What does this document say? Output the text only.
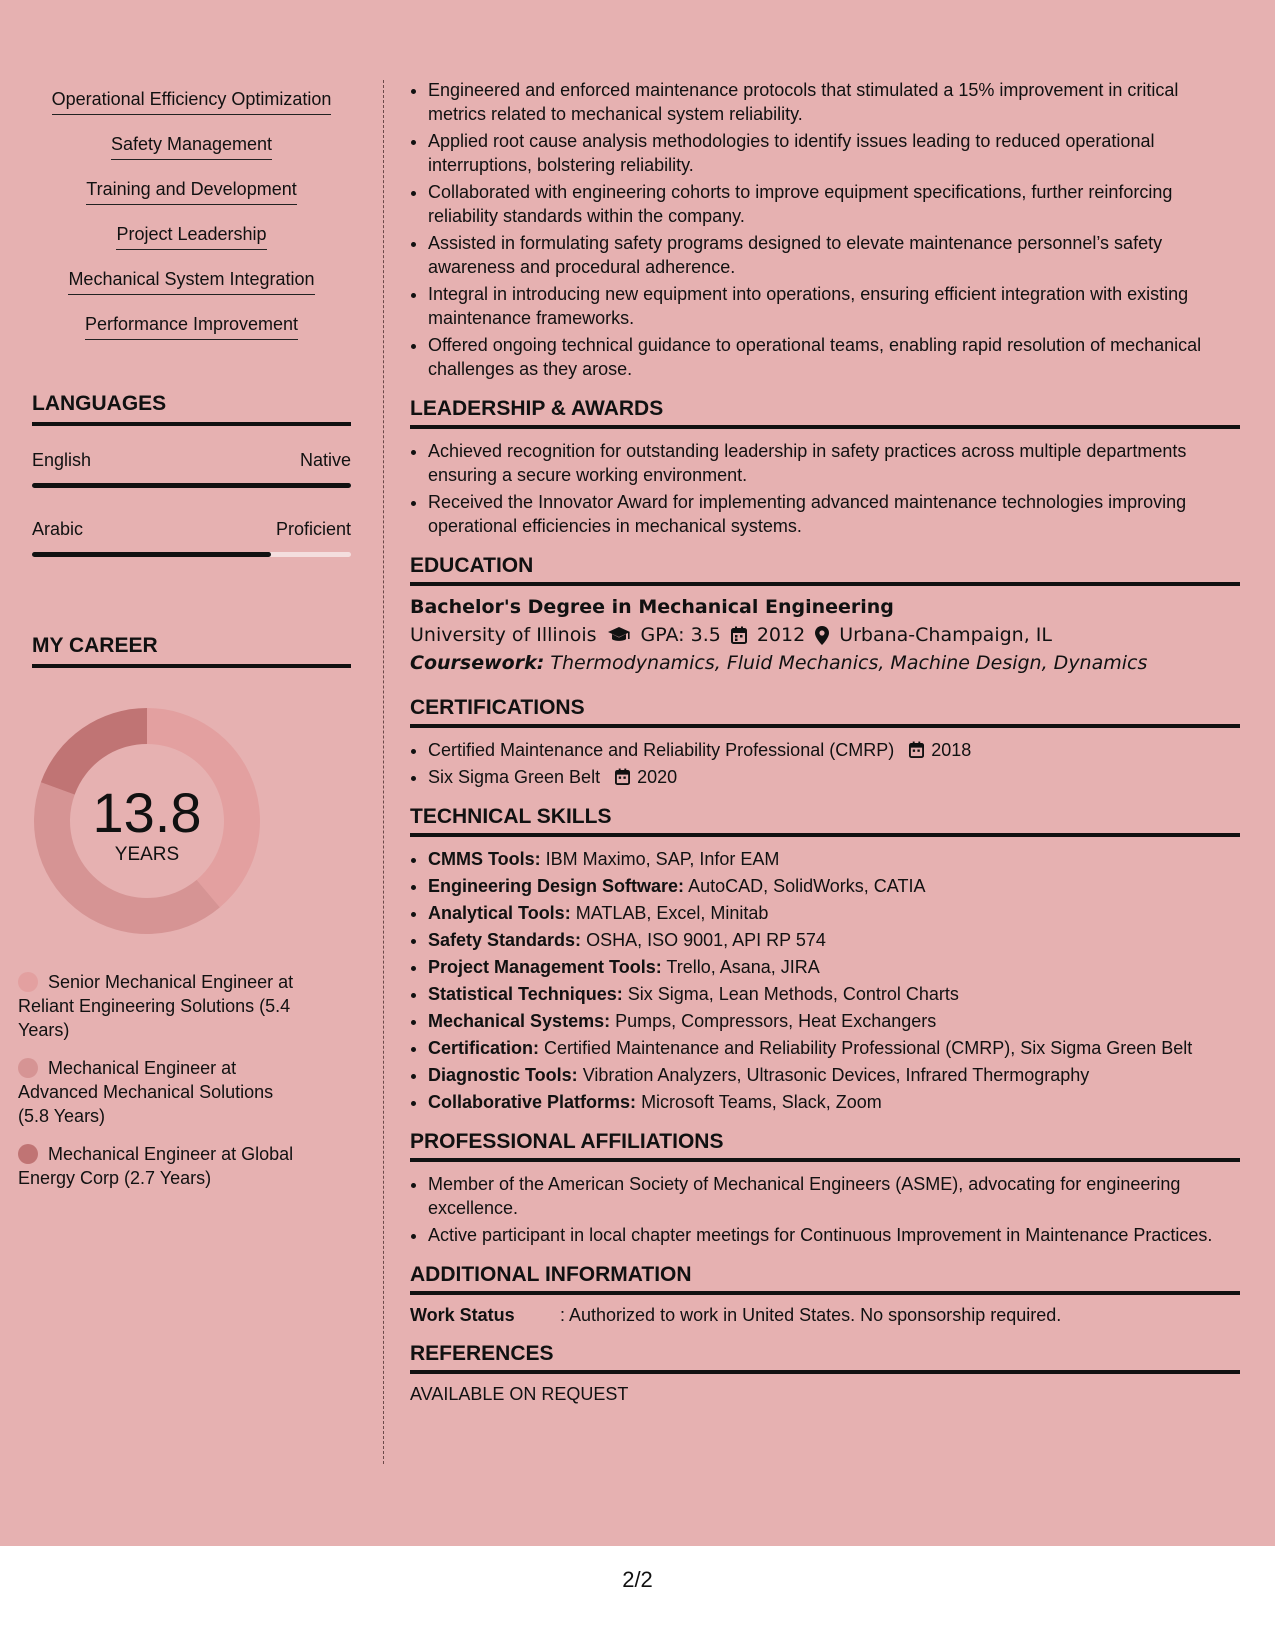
Operational Efficiency Optimization
Safety Management
Training and Development
Project Leadership
Mechanical System Integration
Performance Improvement
LANGUAGES
English	Native
Arabic	Proficient
MY CAREER
13.8
YEARS
Senior Mechanical Engineer at Reliant Engineering Solutions (5.4 Years)
Mechanical Engineer at Advanced Mechanical Solutions (5.8 Years)
Mechanical Engineer at Global Energy Corp (2.7 Years)
• Engineered and enforced maintenance protocols that stimulated a 15% improvement in critical metrics related to mechanical system reliability.
• Applied root cause analysis methodologies to identify issues leading to reduced operational interruptions, bolstering reliability.
• Collaborated with engineering cohorts to improve equipment specifications, further reinforcing reliability standards within the company.
• Assisted in formulating safety programs designed to elevate maintenance personnel’s safety awareness and procedural adherence.
• Integral in introducing new equipment into operations, ensuring efficient integration with existing maintenance frameworks.
• Offered ongoing technical guidance to operational teams, enabling rapid resolution of mechanical challenges as they arose.
LEADERSHIP & AWARDS
• Achieved recognition for outstanding leadership in safety practices across multiple departments ensuring a secure working environment.
• Received the Innovator Award for implementing advanced maintenance technologies improving operational efficiencies in mechanical systems.
EDUCATION
Bachelor's Degree in Mechanical Engineering
University of Illinois GPA: 3.5 2012 Urbana-Champaign, IL
Coursework: Thermodynamics, Fluid Mechanics, Machine Design, Dynamics
CERTIFICATIONS
• Certified Maintenance and Reliability Professional (CMRP) 2018
• Six Sigma Green Belt 2020
TECHNICAL SKILLS
• CMMS Tools: IBM Maximo, SAP, Infor EAM
• Engineering Design Software: AutoCAD, SolidWorks, CATIA
• Analytical Tools: MATLAB, Excel, Minitab
• Safety Standards: OSHA, ISO 9001, API RP 574
• Project Management Tools: Trello, Asana, JIRA
• Statistical Techniques: Six Sigma, Lean Methods, Control Charts
• Mechanical Systems: Pumps, Compressors, Heat Exchangers
• Certification: Certified Maintenance and Reliability Professional (CMRP), Six Sigma Green Belt
• Diagnostic Tools: Vibration Analyzers, Ultrasonic Devices, Infrared Thermography
• Collaborative Platforms: Microsoft Teams, Slack, Zoom
PROFESSIONAL AFFILIATIONS
• Member of the American Society of Mechanical Engineers (ASME), advocating for engineering excellence.
• Active participant in local chapter meetings for Continuous Improvement in Maintenance Practices.
ADDITIONAL INFORMATION
Work Status	: Authorized to work in United States. No sponsorship required.
REFERENCES
AVAILABLE ON REQUEST
2/2
